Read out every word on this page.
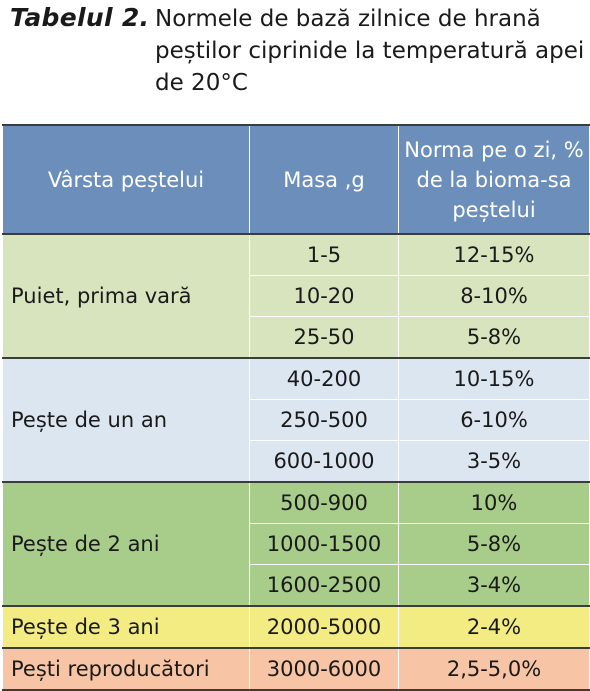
Tabelul 2. Normele de bază zilnice de hrană peștilor ciprinide la temperatură apei de 20°C
Vârsta peștelui	Masa ,g	Norma pe o zi, % de la bioma-sa peștelui
Puiet, prima vară	1-5	12-15%
	10-20	8-10%
	25-50	5-8%
Pește de un an	40-200	10-15%
	250-500	6-10%
	600-1000	3-5%
Pește de 2 ani	500-900	10%
	1000-1500	5-8%
	1600-2500	3-4%
Pește de 3 ani	2000-5000	2-4%
Pești reproducători	3000-6000	2,5-5,0%
